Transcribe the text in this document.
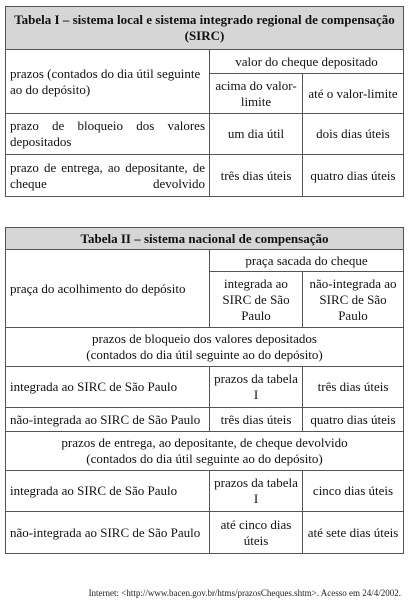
Tabela I – sistema local e sistema integrado regional de compensação (SIRC)		
prazos (contados do dia útil seguinte ao do depósito)	valor do cheque depositado	
	acima do valor-limite	até o valor-limite
prazo de bloqueio dos valores depositados	um dia útil	dois dias úteis
prazo de entrega, ao depositante, de cheque devolvido	três dias úteis	quatro dias úteis
Tabela II – sistema nacional de compensação		
praça do acolhimento do depósito	praça sacada do cheque	
	integrada ao SIRC de São Paulo	não-integrada ao SIRC de São Paulo

prazos de bloqueio dos valores depositados
(contados do dia útil seguinte ao do depósito)		

integrada ao SIRC de São Paulo	prazos da tabela I	três dias úteis
não-integrada ao SIRC de São Paulo	três dias úteis	quatro dias úteis

prazos de entrega, ao depositante, de cheque devolvido
(contados do dia útil seguinte ao do depósito)		

integrada ao SIRC de São Paulo	prazos da tabela I	cinco dias úteis
não-integrada ao SIRC de São Paulo	até cinco dias úteis	até sete dias úteis
Internet: <http://www.bacen.gov.br/htms/prazosCheques.shtm>. Acesso em 24/4/2002.
